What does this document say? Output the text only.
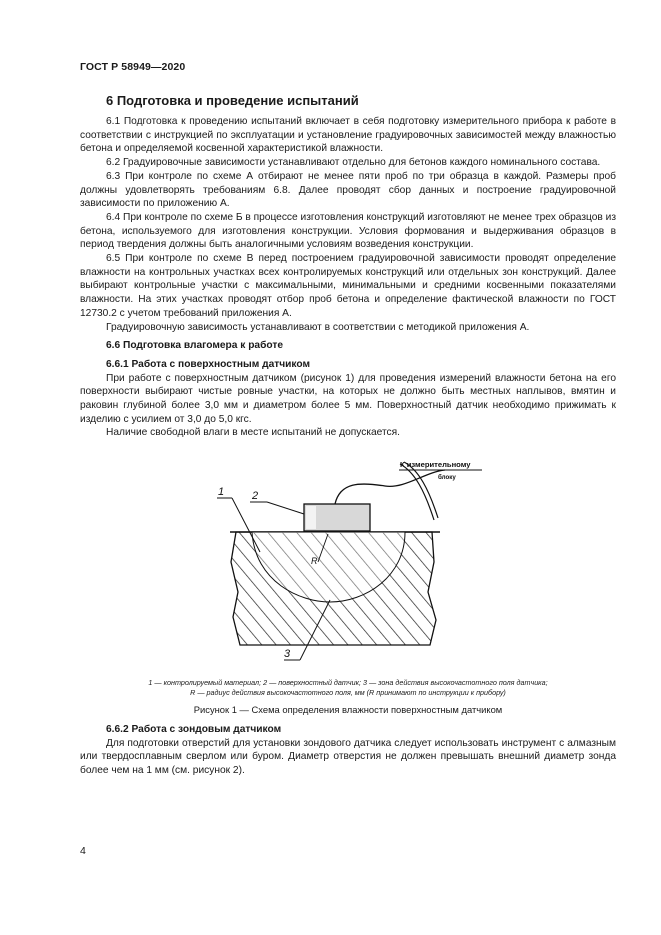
ГОСТ Р 58949—2020
6 Подготовка и проведение испытаний

6.1 Подготовка к проведению испытаний включает в себя подготовку измерительного прибора к работе в соответствии с инструкцией по эксплуатации и установление градуировочных зависимостей между влажностью бетона и определяемой косвенной характеристикой влажности.

6.2 Градуировочные зависимости устанавливают отдельно для бетонов каждого номинального состава.

6.3 При контроле по схеме А отбирают не менее пяти проб по три образца в каждой. Размеры проб должны удовлетворять требованиям 6.8. Далее проводят сбор данных и построение градуировочной зависимости по приложению А.

6.4 При контроле по схеме Б в процессе изготовления конструкций изготовляют не менее трех образцов из бетона, используемого для изготовления конструкции. Условия формования и выдерживания образцов в период твердения должны быть аналогичными условиям возведения конструкции.

6.5 При контроле по схеме В перед построением градуировочной зависимости проводят определение влажности на контрольных участках всех контролируемых конструкций или отдельных зон конструкций. Далее выбирают контрольные участки с максимальными, минимальными и средними косвенными показателями влажности. На этих участках проводят отбор проб бетона и определение фактической влажности по ГОСТ 12730.2 с учетом требований приложения А.

Градуировочную зависимость устанавливают в соответствии с методикой приложения А.

6.6 Подготовка влагомера к работе

6.6.1 Работа с поверхностным датчиком

При работе с поверхностным датчиком (рисунок 1) для проведения измерений влажности бетона на его поверхности выбирают чистые ровные участки, на которых не должно быть местных наплывов, вмятин и раковин глубиной более 3,0 мм и диаметром более 5 мм. Поверхностный датчик необходимо прижимать к изделию с усилием от 3,0 до 5,0 кгс.

Наличие свободной влаги в месте испытаний не допускается.

R
К измерительному
блоку
1	2
3
1 — контролируемый материал; 2 — поверхностный датчик; 3 — зона действия высокочастотного поля датчика;
R — радиус действия высокочастотного поля, мм (R принимают по инструкции к прибору)
Рисунок 1 — Схема определения влажности поверхностным датчиком

6.6.2 Работа с зондовым датчиком

Для подготовки отверстий для установки зондового датчика следует использовать инструмент с алмазным или твердосплавным сверлом или буром. Диаметр отверстия не должен превышать внешний диаметр зонда более чем на 1 мм (см. рисунок 2).

4
